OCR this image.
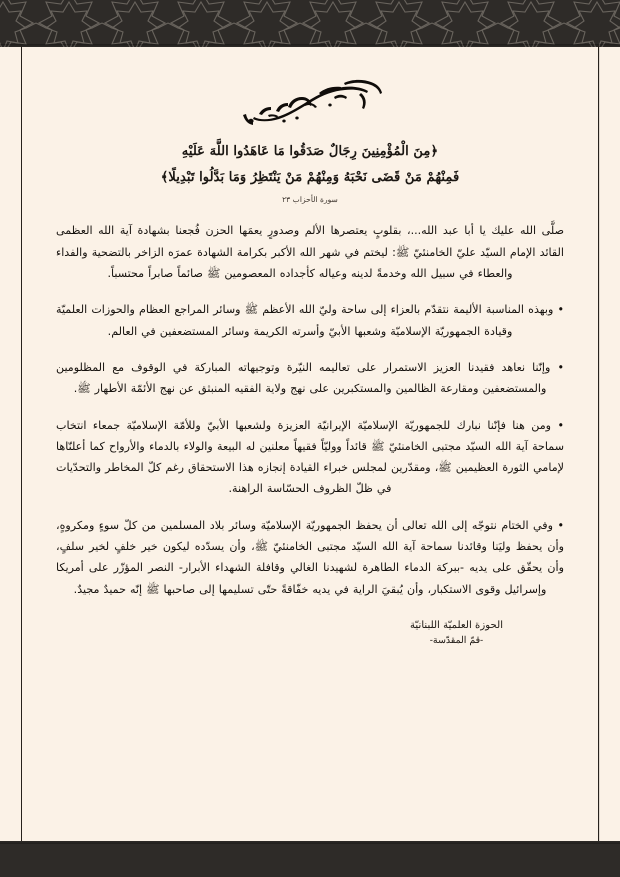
﴿مِنَ الْمُؤْمِنِينَ رِجَالٌ صَدَقُوا مَا عَاهَدُوا اللَّهَ عَلَيْهِ
فَمِنْهُمْ مَنْ قَضَى نَحْبَهُ وَمِنْهُمْ مَنْ يَنْتَظِرُ وَمَا بَدَّلُوا تَبْدِيلًا﴾
سورة الأحزاب ٢٣

صلَّى الله عليك يا أبا عبد الله...، بقلوبٍ يعتصرها الألم وصدورٍ يعمَها الحزن فُجعنا بشهادة آية الله العظمى القائد الإمام السيّد عليّ الخامنئيّ ﷺ: ليختم في شهر الله الأكبر بكرامة الشهادة عمرَه الزاخر بالتضحية والفداء والعطاء في سبيل الله وخدمةً لدينه وعياله كأجداده المعصومين ﷺ صائماً صابراً محتسباً.

• وبهذه المناسبة الأليمة نتقدّم بالعزاء إلى ساحة وليّ الله الأعظم ﷺ وسائر المراجع العظام والحوزات العلميّة وقيادة الجمهوريّة الإسلاميّة وشعبها الأبيّ وأسرته الكريمة وسائر المستضعفين في العالم.

• وإنّنا نعاهد فقيدنا العزيز الاستمرار على تعاليمه النيّرة وتوجيهاته المباركة في الوقوف مع المظلومين والمستضعفين ومقارعة الظالمين والمستكبرين على نهج ولاية الفقيه المنبثق عن نهج الأئمّة الأطهار ﷺ.

• ومن هنا فإنّنا نبارك للجمهوريّة الإسلاميّة الإيرانيّة العزيزة ولشعبها الأبيّ وللأمّة الإسلاميّة جمعاء انتخاب سماحة آية الله السيّد مجتبى الخامنئيّ ﷺ قائداً ووليّاً فقيهاً معلنين له البيعة والولاء بالدماء والأرواح كما أعلنّاها لإمامي الثورة العظيمين ﷺ، ومقدّرين لمجلس خبراء القيادة إنجازه هذا الاستحقاق رغم كلّ المخاطر والتحدّيات في ظلّ الظروف الحسّاسة الراهنة.

• وفي الختام نتوجّه إلى الله تعالى أن يحفظ الجمهوريّة الإسلاميّة وسائر بلاد المسلمين من كلّ سوءٍ ومكروهٍ، وأن يحفظ وليَنا وقائدنا سماحة آية الله السيّد مجتبى الخامنئيّ ﷺ، وأن يسدّده ليكون خير خلفٍ لخير سلفٍ، وأن يحقّق على يديه -ببركة الدماء الطاهرة لشهيدنا الغالي وقافلة الشهداء الأبرار- النصر المؤزّر على أمريكا وإسرائيل وقوى الاستكبار، وأن يُبقيَ الراية في يديه خفّاقةً حتّى تسليمها إلى صاحبها ﷺ إنّه حميدٌ مجيدٌ.

الحوزة العلميّة اللبنانيّة
-قمّ المقدّسة-
